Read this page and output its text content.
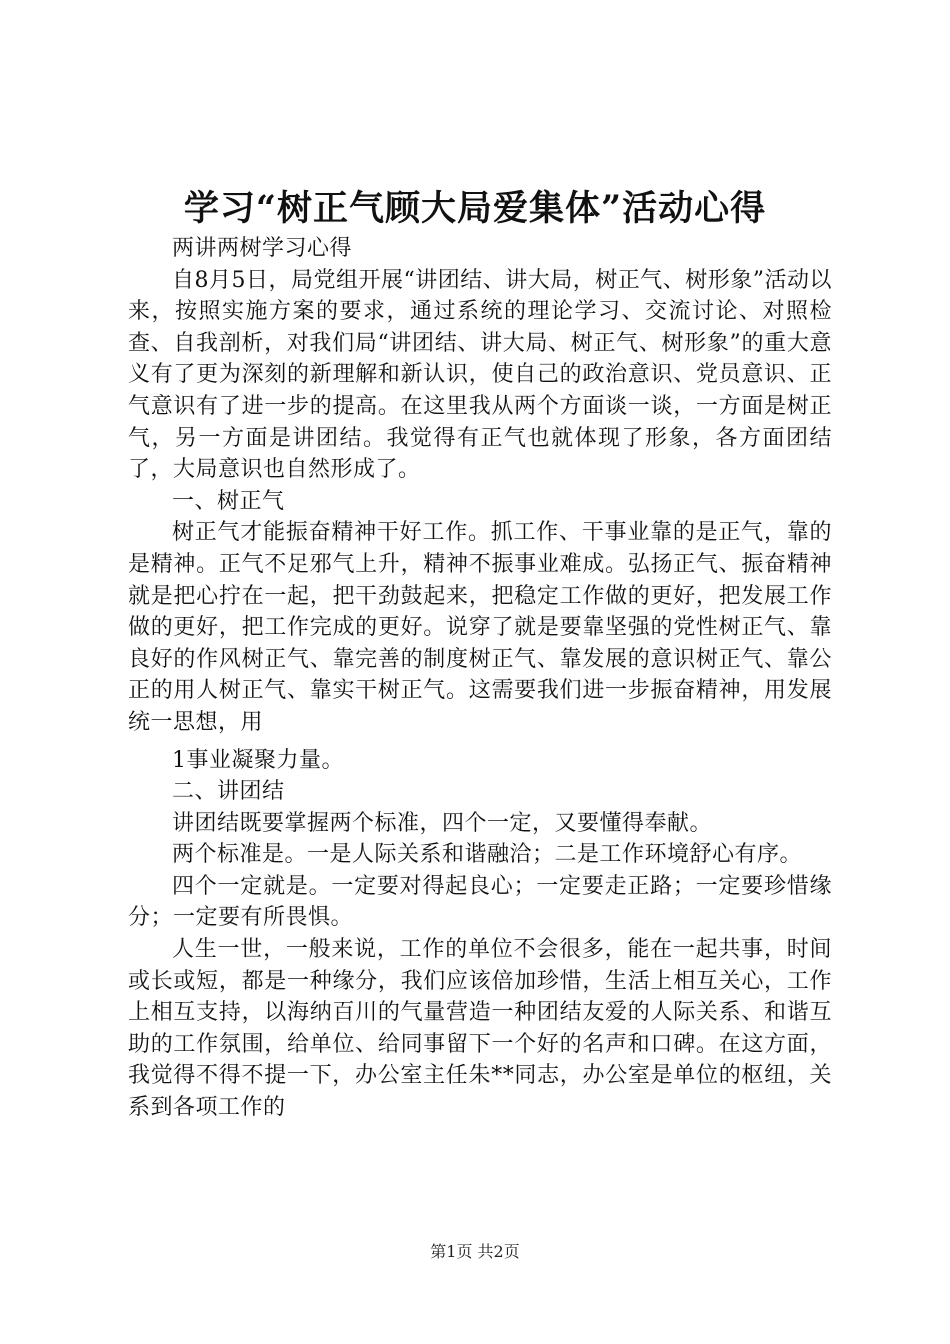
学习“树正气顾大局爱集体”活动心得

两讲两树学习心得

自8月5日，局党组开展“讲团结、讲大局，树正气、树形象”活动以来，按照实施方案的要求，通过系统的理论学习、交流讨论、对照检查、自我剖析，对我们局“讲团结、讲大局、树正气、树形象”的重大意义有了更为深刻的新理解和新认识，使自己的政治意识、党员意识、正气意识有了进一步的提高。在这里我从两个方面谈一谈，一方面是树正气，另一方面是讲团结。我觉得有正气也就体现了形象，各方面团结了，大局意识也自然形成了。

一、树正气

树正气才能振奋精神干好工作。抓工作、干事业靠的是正气，靠的是精神。正气不足邪气上升，精神不振事业难成。弘扬正气、振奋精神就是把心拧在一起，把干劲鼓起来，把稳定工作做的更好，把发展工作做的更好，把工作完成的更好。说穿了就是要靠坚强的党性树正气、靠良好的作风树正气、靠完善的制度树正气、靠发展的意识树正气、靠公正的用人树正气、靠实干树正气。这需要我们进一步振奋精神，用发展统一思想，用

1事业凝聚力量。

二、讲团结

讲团结既要掌握两个标准，四个一定，又要懂得奉献。

两个标准是。一是人际关系和谐融洽；二是工作环境舒心有序。

四个一定就是。一定要对得起良心；一定要走正路；一定要珍惜缘分；一定要有所畏惧。

人生一世，一般来说，工作的单位不会很多，能在一起共事，时间或长或短，都是一种缘分，我们应该倍加珍惜，生活上相互关心，工作上相互支持，以海纳百川的气量营造一种团结友爱的人际关系、和谐互助的工作氛围，给单位、给同事留下一个好的名声和口碑。在这方面，我觉得不得不提一下，办公室主任朱**同志，办公室是单位的枢纽，关系到各项工作的

第1页 共2页
